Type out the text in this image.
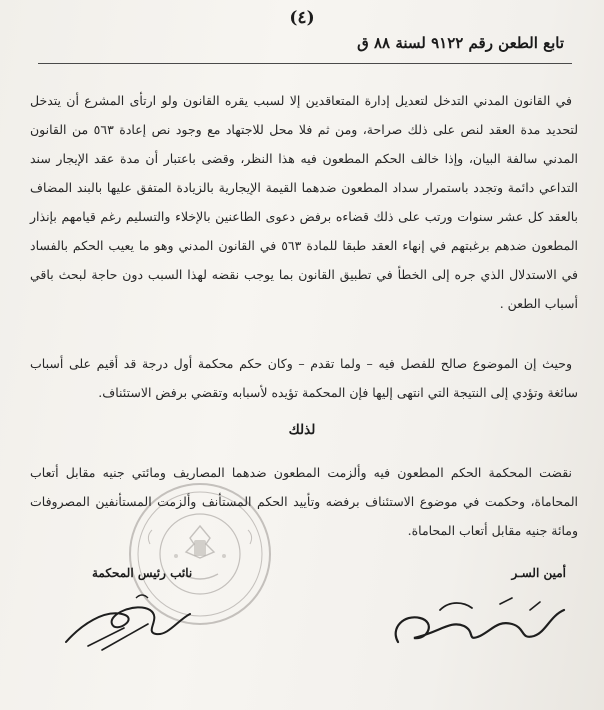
(٤)
تابع الطعن رقم ٩١٢٢ لسنة ٨٨ ق
في القانون المدني التدخل لتعديل إدارة المتعاقدين إلا لسبب يقره القانون ولو ارتأى المشرع أن يتدخل لتحديد مدة العقد لنص على ذلك صراحة، ومن ثم فلا محل للاجتهاد مع وجود نص إعادة ٥٦٣ من القانون المدني سالفة البيان، وإذا خالف الحكم المطعون فيه هذا النظر، وقضى باعتبار أن مدة عقد الإيجار سند التداعي دائمة وتجدد باستمرار سداد المطعون ضدهما القيمة الإيجارية بالزيادة المتفق عليها بالبند المضاف بالعقد كل عشر سنوات ورتب على ذلك قضاءه برفض دعوى الطاعنين بالإخلاء والتسليم رغم قيامهم بإنذار المطعون ضدهم برغبتهم في إنهاء العقد طبقا للمادة ٥٦٣ في القانون المدني وهو ما يعيب الحكم بالفساد في الاستدلال الذي جره إلى الخطأ في تطبيق القانون بما يوجب نقضه لهذا السبب دون حاجة لبحث باقي أسباب الطعن .
وحيث إن الموضوع صالح للفصل فيه – ولما تقدم – وكان حكم محكمة أول درجة قد أقيم على أسباب سائغة وتؤدي إلى النتيجة التي انتهى إليها فإن المحكمة تؤيده لأسبابه وتقضي برفض الاستئناف.
لذلك
نقضت المحكمة الحكم المطعون فيه وألزمت المطعون ضدهما المصاريف ومائتي جنيه مقابل أتعاب المحاماة، وحكمت في موضوع الاستئناف برفضه وتأييد الحكم المستأنف وألزمت المستأنفين المصروفات ومائة جنيه مقابل أتعاب المحاماة.
أمين السـر
نائب رئيس المحكمة
